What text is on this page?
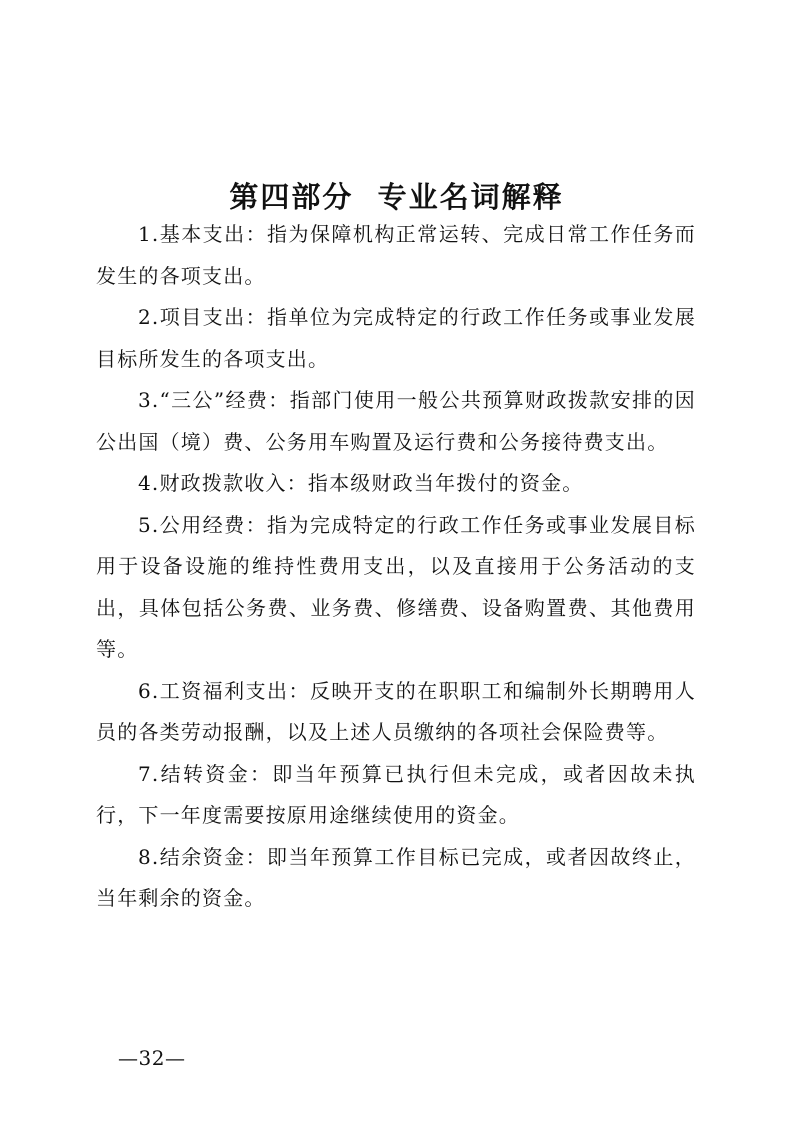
第四部分  专业名词解释

1.基本支出：指为保障机构正常运转、完成日常工作任务而发生的各项支出。

2.项目支出：指单位为完成特定的行政工作任务或事业发展目标所发生的各项支出。

3.“三公”经费：指部门使用一般公共预算财政拨款安排的因公出国（境）费、公务用车购置及运行费和公务接待费支出。

4.财政拨款收入：指本级财政当年拨付的资金。

5.公用经费：指为完成特定的行政工作任务或事业发展目标用于设备设施的维持性费用支出，以及直接用于公务活动的支出，具体包括公务费、业务费、修缮费、设备购置费、其他费用等。

6.工资福利支出：反映开支的在职职工和编制外长期聘用人员的各类劳动报酬，以及上述人员缴纳的各项社会保险费等。

7.结转资金：即当年预算已执行但未完成，或者因故未执行，下一年度需要按原用途继续使用的资金。

8.结余资金：即当年预算工作目标已完成，或者因故终止，当年剩余的资金。

—32—
